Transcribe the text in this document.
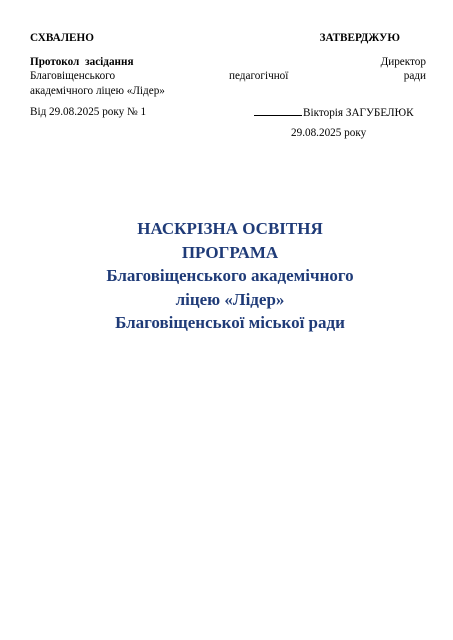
СХВАЛЕНО	ЗАТВЕРДЖУЮ
Протокол засідання	Директор
Благовіщенського	педагогічної	ради
академічного ліцею «Лідер»
Від 29.08.2025 року № 1	Вікторія ЗАГУБЕЛЮК
29.08.2025 року
НАСКРІЗНА ОСВІТНЯ
ПРОГРАМА
Благовіщенського академічного
ліцею «Лідер»
Благовіщенської міської ради
